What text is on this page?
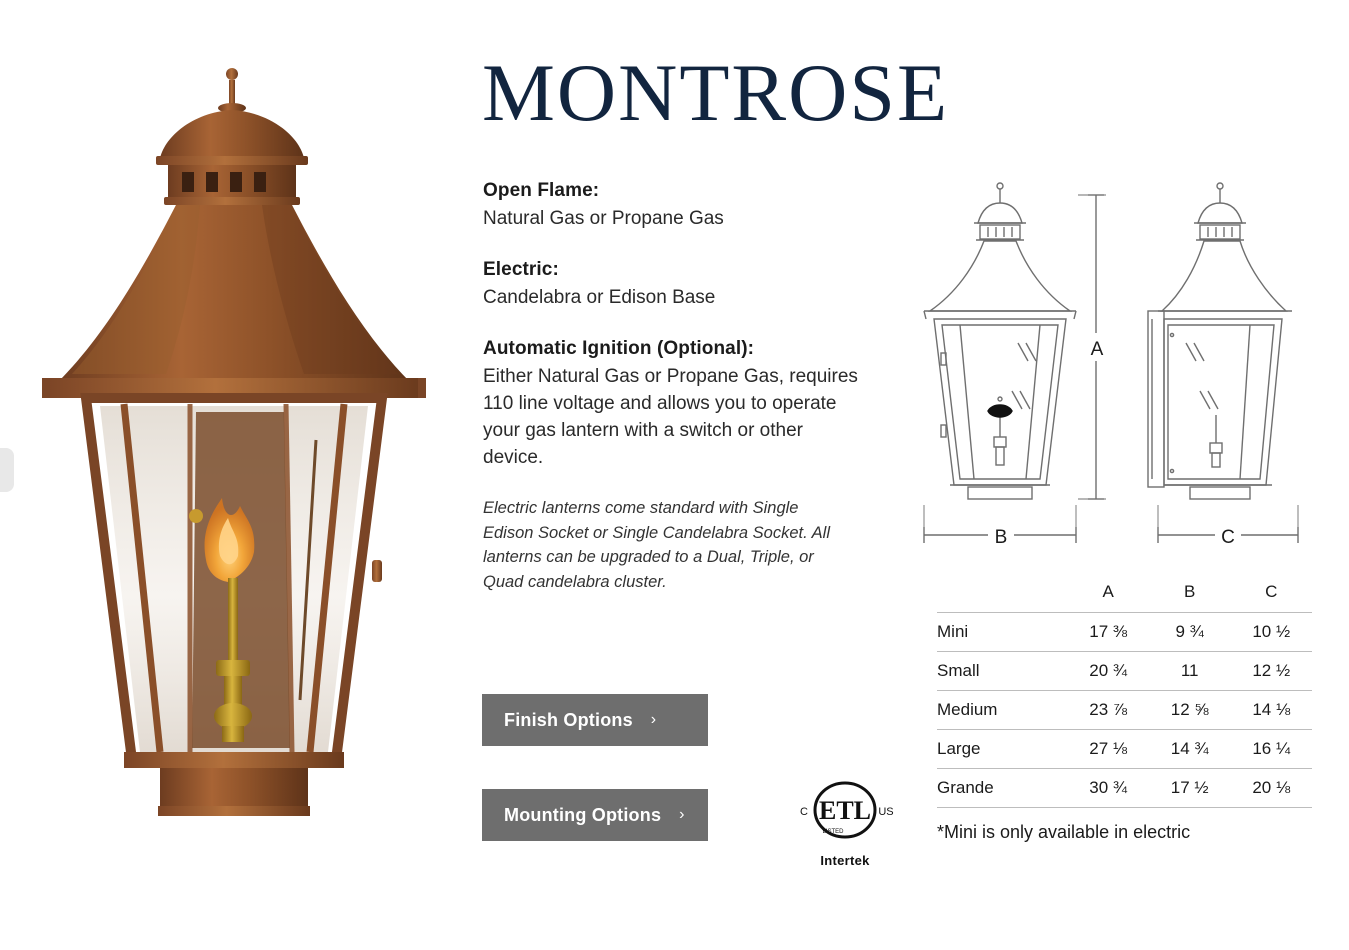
MONTROSE

Open Flame:

Natural Gas or Propane Gas

Electric:

Candelabra or Edison Base

Automatic Ignition (Optional):

Either Natural Gas or Propane Gas, requires 110 line voltage and allows you to operate your gas lantern with a switch or other device.

Electric lanterns come standard with Single Edison Socket or Single Candelabra Socket. All lanterns can be upgraded to a Dual, Triple, or Quad candelabra cluster.

Finish Options ›
Mounting Options ›	ETL
LISTED
C	US
Intertek
A
B	C
	A	B	C
Mini	17 ⅜	9 ¾	10 ½
Small	20 ¾	11	12 ½
Medium	23 ⅞	12 ⅝	14 ⅛
Large	27 ⅛	14 ¾	16 ¼
Grande	30 ¾	17 ½	20 ⅛
*Mini is only available in electric
